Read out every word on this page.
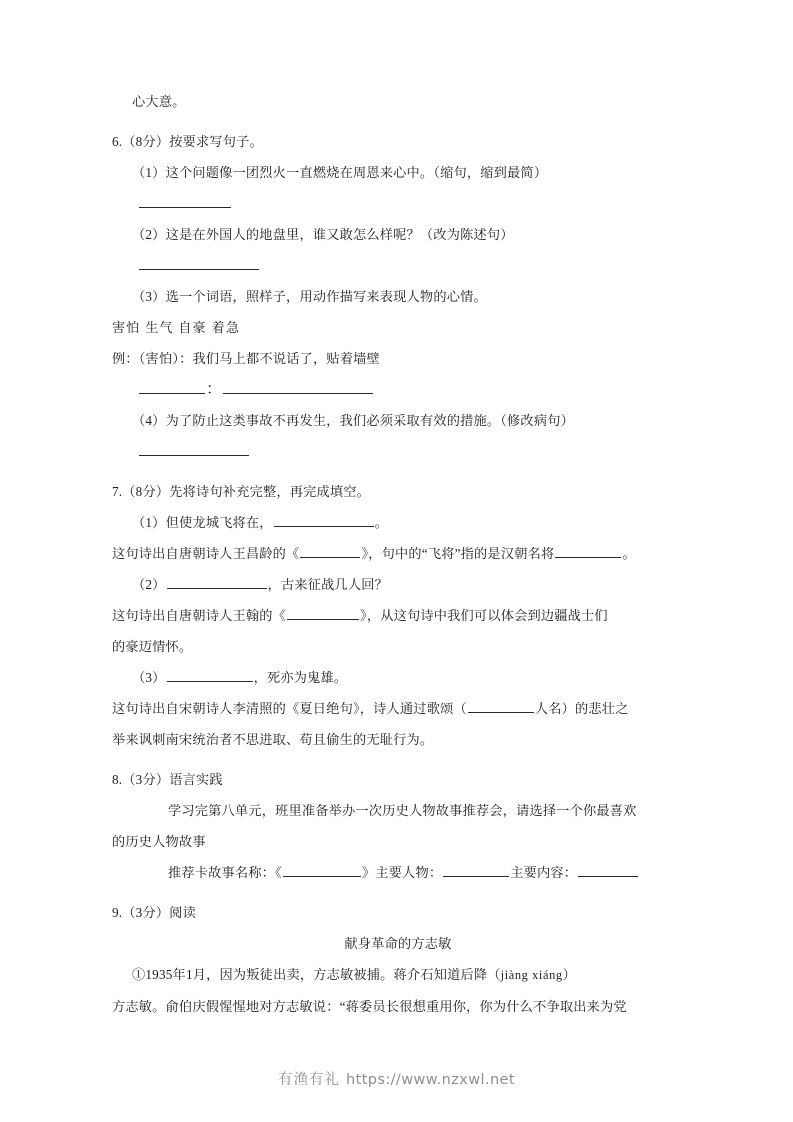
心大意。
6.（8分）按要求写句子。
（1）这个问题像一团烈火一直燃烧在周恩来心中。（缩句，缩到最简）
（2）这是在外国人的地盘里，谁又敢怎么样呢？（改为陈述句）
（3）选一个词语，照样子，用动作描写来表现人物的心情。
害怕 生气 自豪 着急
例：（害怕）：我们马上都不说话了，贴着墙壁
：
（4）为了防止这类事故不再发生，我们必须采取有效的措施。（修改病句）
7.（8分）先将诗句补充完整，再完成填空。
（1）但使龙城飞将在，	。
这句诗出自唐朝诗人王昌龄的《	》，句中的“飞将”指的是汉朝名将	。
（2）	，古来征战几人回？
这句诗出自唐朝诗人王翰的《	》，从这句诗中我们可以体会到边疆战士们
的豪迈情怀。
（3）	，死亦为鬼雄。
这句诗出自宋朝诗人李清照的《夏日绝句》，诗人通过歌颂（	人名）的悲壮之
举来讽刺南宋统治者不思进取、苟且偷生的无耻行为。
8.（3分）语言实践
学习完第八单元，班里准备举办一次历史人物故事推荐会，请选择一个你最喜欢
的历史人物故事
推荐卡故事名称：《	》主要人物：	主要内容：
9.（3分）阅读
献身革命的方志敏
①1935年1月，因为叛徒出卖，方志敏被捕。蒋介石知道后降（jiàng xiáng）
方志敏。俞伯庆假惺惺地对方志敏说：“蒋委员长很想重用你，你为什么不争取出来为党
有渔有礼 https://www.nzxwl.net
